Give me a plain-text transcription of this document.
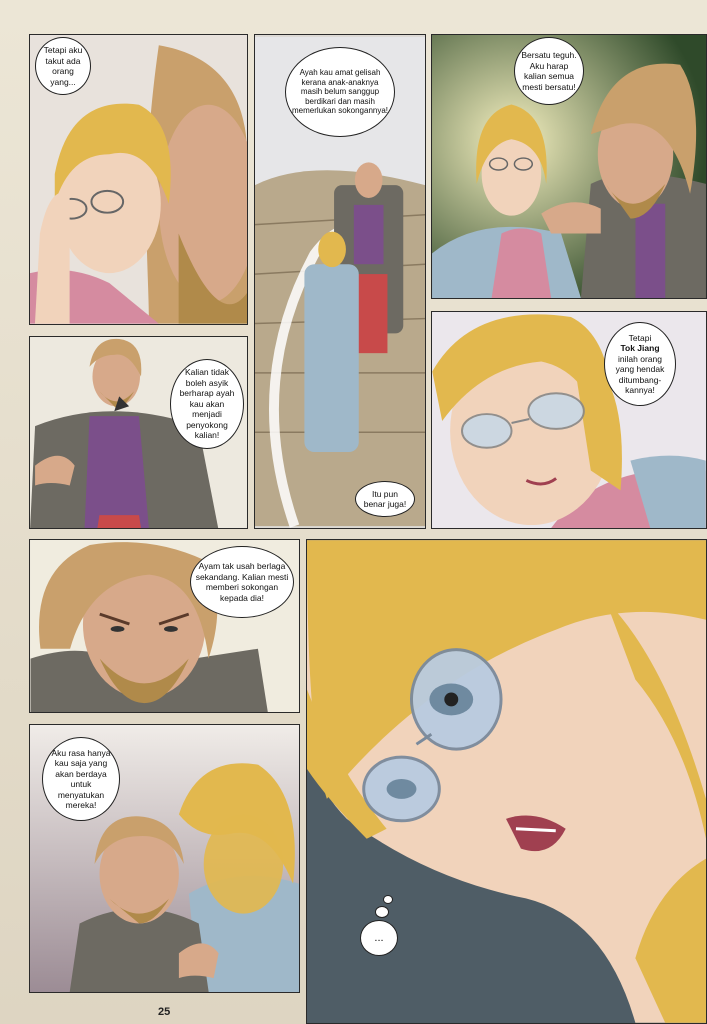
Tetapi aku takut ada orang yang...
Ayah kau amat gelisah kerana anak-anaknya masih belum sanggup berdikari dan masih memerlukan sokongannya!
Itu pun benar juga!
Bersatu teguh. Aku harap kalian semua mesti bersatu!
Kalian tidak boleh asyik berharap ayah kau akan menjadi penyokong kalian!
Tetapi
Tok Jiang
inilah orang yang hendak ditumbang-kannya!
Ayam tak usah berlaga sekandang. Kalian mesti memberi sokongan kepada dia!
Aku rasa hanya kau saja yang akan berdaya untuk menyatukan mereka!
...
25
